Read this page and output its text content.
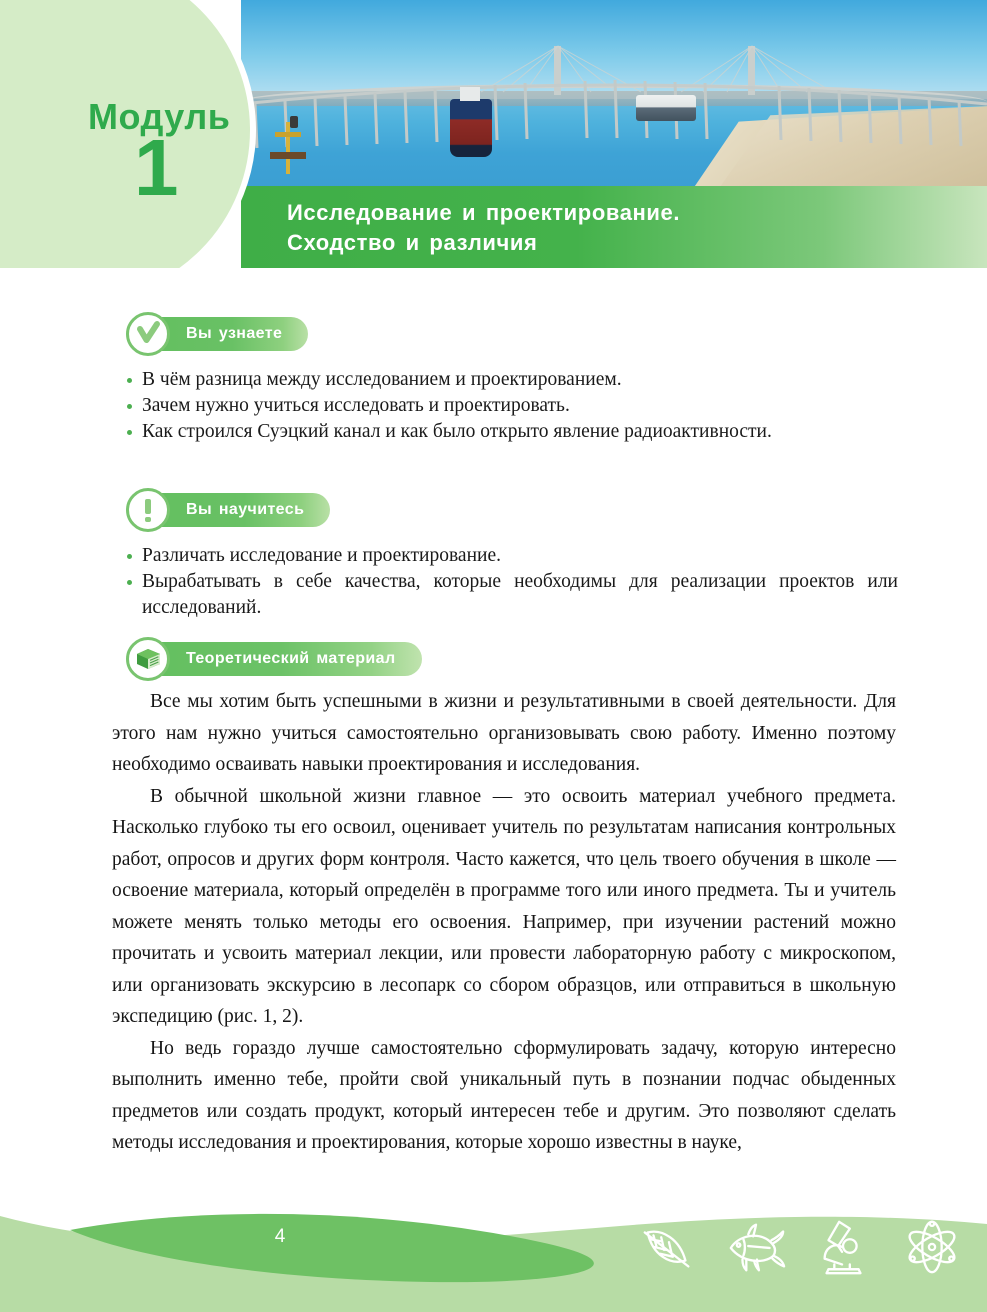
Исследование и проектирование.
Сходство и различия
Модуль
1
Вы узнаете
В чём разница между исследованием и проектированием.
Зачем нужно учиться исследовать и проектировать.
Как строился Суэцкий канал и как было открыто явление радиоактивности.
Вы научитесь
Различать исследование и проектирование.
Вырабатывать в себе качества, которые необходимы для реализации проектов или исследований.
Теоретический материал

Все мы хотим быть успешными в жизни и результативными в своей деятельности. Для этого нам нужно учиться самостоятельно организовывать свою работу. Именно поэтому необходимо осваивать навыки проектирования и исследования.

В обычной школьной жизни главное — это освоить материал учебного предмета. Насколько глубоко ты его освоил, оценивает учитель по результатам написания контрольных работ, опросов и других форм контроля. Часто кажется, что цель твоего обучения в школе — освоение материала, который определён в программе того или иного предмета. Ты и учитель можете менять только методы его освоения. Например, при изучении растений можно прочитать и усвоить материал лекции, или провести лабораторную работу с микроскопом, или организовать экскурсию в лесопарк со сбором образцов, или отправиться в школьную экспедицию (рис. 1, 2).

Но ведь гораздо лучше самостоятельно сформулировать задачу, которую интересно выполнить именно тебе, пройти свой уникальный путь в познании подчас обыденных предметов или создать продукт, который интересен тебе и другим. Это позволяют сделать методы исследования и проектирования, которые хорошо известны в науке,

4
